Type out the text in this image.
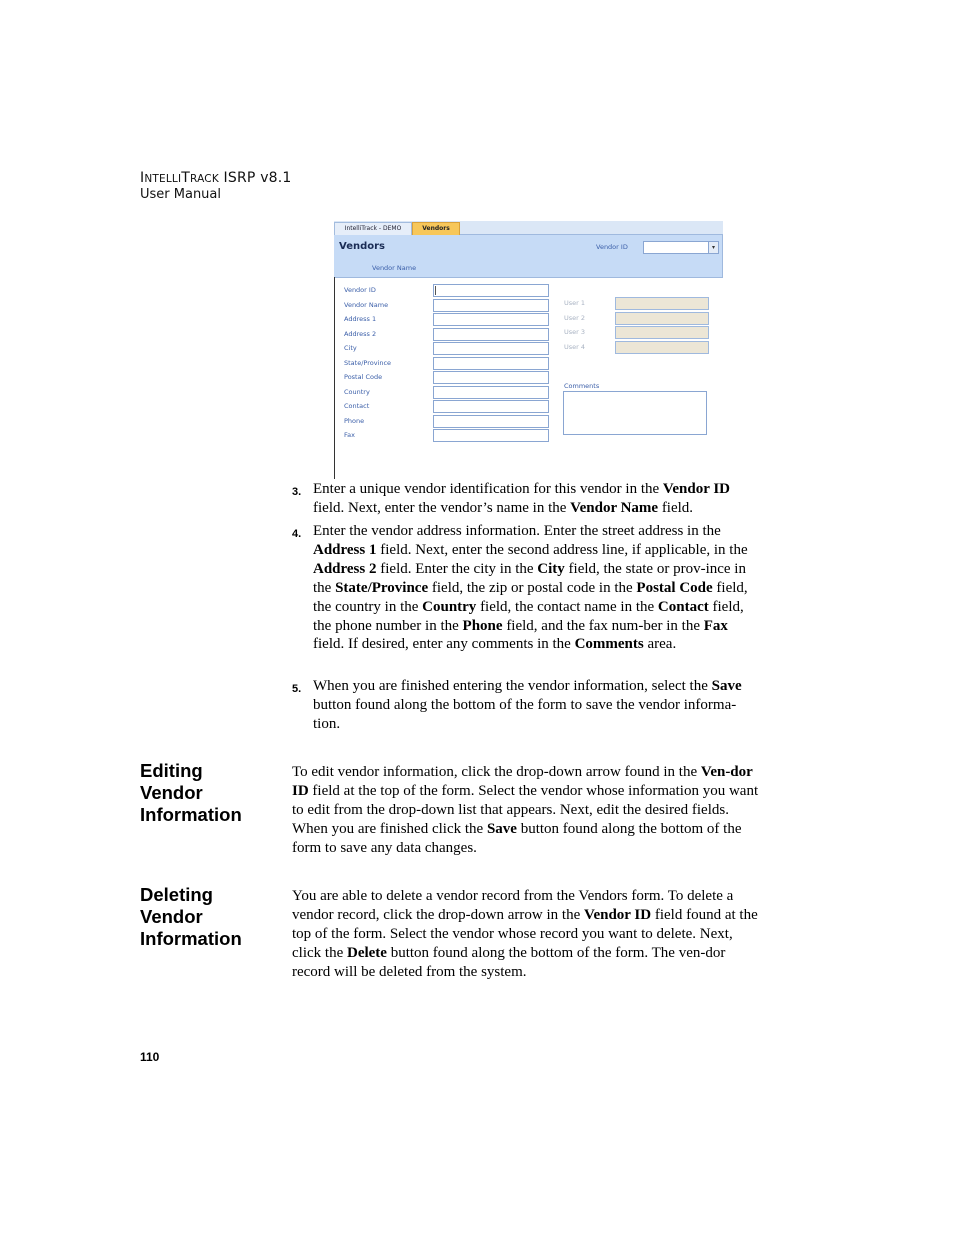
INTELLITRACK ISRP v8.1
User Manual
IntelliTrack - DEMO	Vendors
Vendors	Vendor ID	▾
Vendor Name
Vendor ID
Vendor Name
Address 1
Address 2
City
State/Province
Postal Code
Country
Contact
Phone
Fax
User 1
User 2
User 3
User 4
Comments
3. Enter a unique vendor identification for this vendor in the Vendor ID field. Next, enter the vendor’s name in the Vendor Name field.
4. Enter the vendor address information. Enter the street address in the Address 1 field. Next, enter the second address line, if applicable, in the Address 2 field. Enter the city in the City field, the state or prov-ince in the State/Province field, the zip or postal code in the Postal Code field, the country in the Country field, the contact name in the Contact field, the phone number in the Phone field, and the fax num-ber in the Fax field. If desired, enter any comments in the Comments area.
5. When you are finished entering the vendor information, select the Save button found along the bottom of the form to save the vendor informa-tion.
Editing
Vendor
Information
To edit vendor information, click the drop-down arrow found in the Ven-dor ID field at the top of the form. Select the vendor whose information you want to edit from the drop-down list that appears. Next, edit the desired fields. When you are finished click the Save button found along the bottom of the form to save any data changes.
Deleting
Vendor
Information
You are able to delete a vendor record from the Vendors form. To delete a vendor record, click the drop-down arrow in the Vendor ID field found at the top of the form. Select the vendor whose record you want to delete. Next, click the Delete button found along the bottom of the form. The ven-dor record will be deleted from the system.
110
